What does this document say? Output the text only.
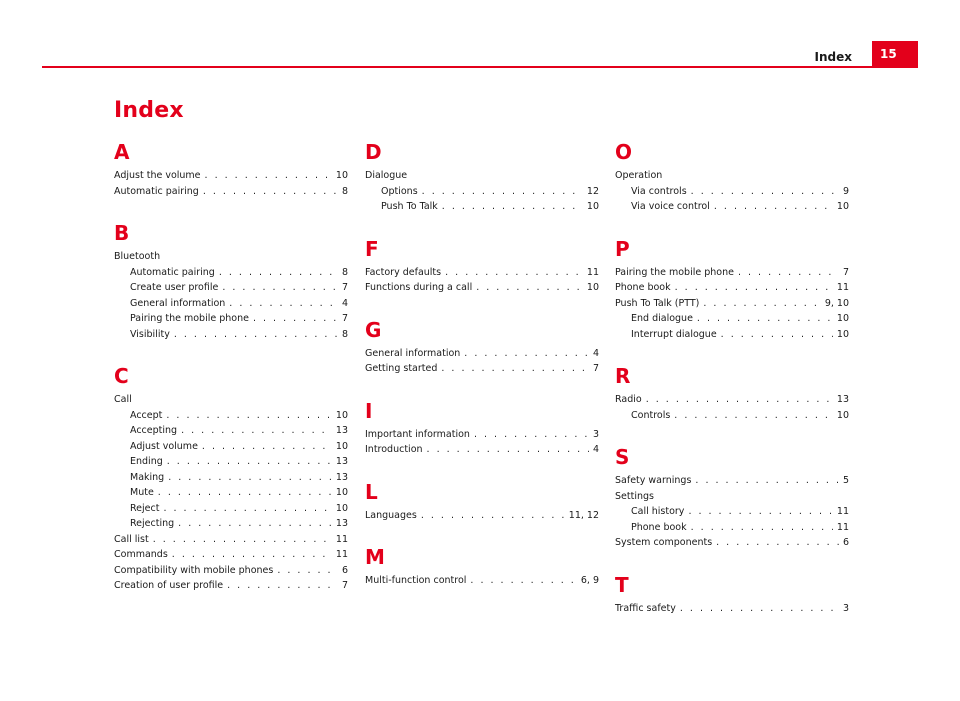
Index	15
Index
A
Adjust the volume . . .	10
Automatic pairing . . .	8
B
Bluetooth
Automatic pairing . . .	8
Create user profile . . .	7
General information . . .	4
Pairing the mobile phone . . .	7
Visibility . . .	8
C
Call
Accept . . .	10
Accepting . . .	13
Adjust volume . . .	10
Ending . . .	13
Making . . .	13
Mute . . .	10
Reject . . .	10
Rejecting . . .	13
Call list . . .	11
Commands . . .	11
Compatibility with mobile phones . . .	6
Creation of user profile . . .	7
D
Dialogue
Options . . .	12
Push To Talk . . .	10
F
Factory defaults . . .	11
Functions during a call . . .	10
G
General information . . .	4
Getting started . . .	7
I
Important information . . .	3
Introduction . . .	4
L
Languages . . .	11, 12
M
Multi-function control . . .	6, 9
O
Operation
Via controls . . .	9
Via voice control . . .	10
P
Pairing the mobile phone . . .	7
Phone book . . .	11
Push To Talk (PTT) . . .	9, 10
End dialogue . . .	10
Interrupt dialogue . . .	10
R
Radio . . .	13
Controls . . .	10
S
Safety warnings . . .	5
Settings
Call history . . .	11
Phone book . . .	11
System components . . .	6
T
Traffic safety . . .	3
